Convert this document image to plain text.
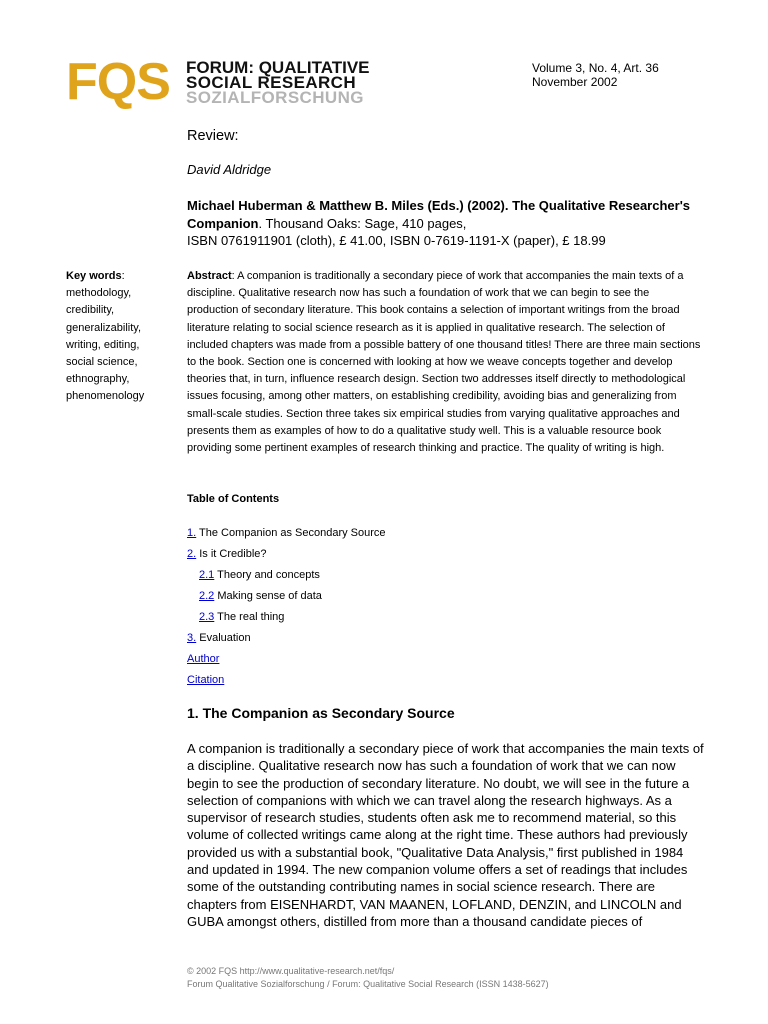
FQS FORUM: QUALITATIVE
SOCIAL RESEARCH
SOZIALFORSCHUNG
Volume 3, No. 4, Art. 36
November 2002
Review:
David Aldridge
Michael Huberman & Matthew B. Miles (Eds.) (2002). The Qualitative Researcher's Companion. Thousand Oaks: Sage, 410 pages,
ISBN 0761911901 (cloth), £ 41.00, ISBN 0-7619-1191-X (paper), £ 18.99
Key words:
methodology,
credibility,
generalizability,
writing, editing,
social science,
ethnography,
phenomenology
Abstract: A companion is traditionally a secondary piece of work that accompanies the main texts of a discipline. Qualitative research now has such a foundation of work that we can begin to see the production of secondary literature. This book contains a selection of important writings from the broad literature relating to social science research as it is applied in qualitative research. The selection of included chapters was made from a possible battery of one thousand titles! There are three main sections to the book. Section one is concerned with looking at how we weave concepts together and develop theories that, in turn, influence research design. Section two addresses itself directly to methodological issues focusing, among other matters, on establishing credibility, avoiding bias and generalizing from small-scale studies. Section three takes six empirical studies from varying qualitative approaches and presents them as examples of how to do a qualitative study well. This is a valuable resource book providing some pertinent examples of research thinking and practice. The quality of writing is high.
Table of Contents
1. The Companion as Secondary Source
2. Is it Credible?
2.1 Theory and concepts
2.2 Making sense of data
2.3 The real thing
3. Evaluation
Author
Citation
1. The Companion as Secondary Source
A companion is traditionally a secondary piece of work that accompanies the main texts of a discipline. Qualitative research now has such a foundation of work that we can now begin to see the production of secondary literature. No doubt, we will see in the future a selection of companions with which we can travel along the research highways. As a supervisor of research studies, students often ask me to recommend material, so this volume of collected writings came along at the right time. These authors had previously provided us with a substantial book, "Qualitative Data Analysis," first published in 1984 and updated in 1994. The new companion volume offers a set of readings that includes some of the outstanding contributing names in social science research. There are chapters from EISENHARDT, VAN MAANEN, LOFLAND, DENZIN, and LINCOLN and GUBA amongst others, distilled from more than a thousand candidate pieces of
© 2002 FQS http://www.qualitative-research.net/fqs/
Forum Qualitative Sozialforschung / Forum: Qualitative Social Research (ISSN 1438-5627)
